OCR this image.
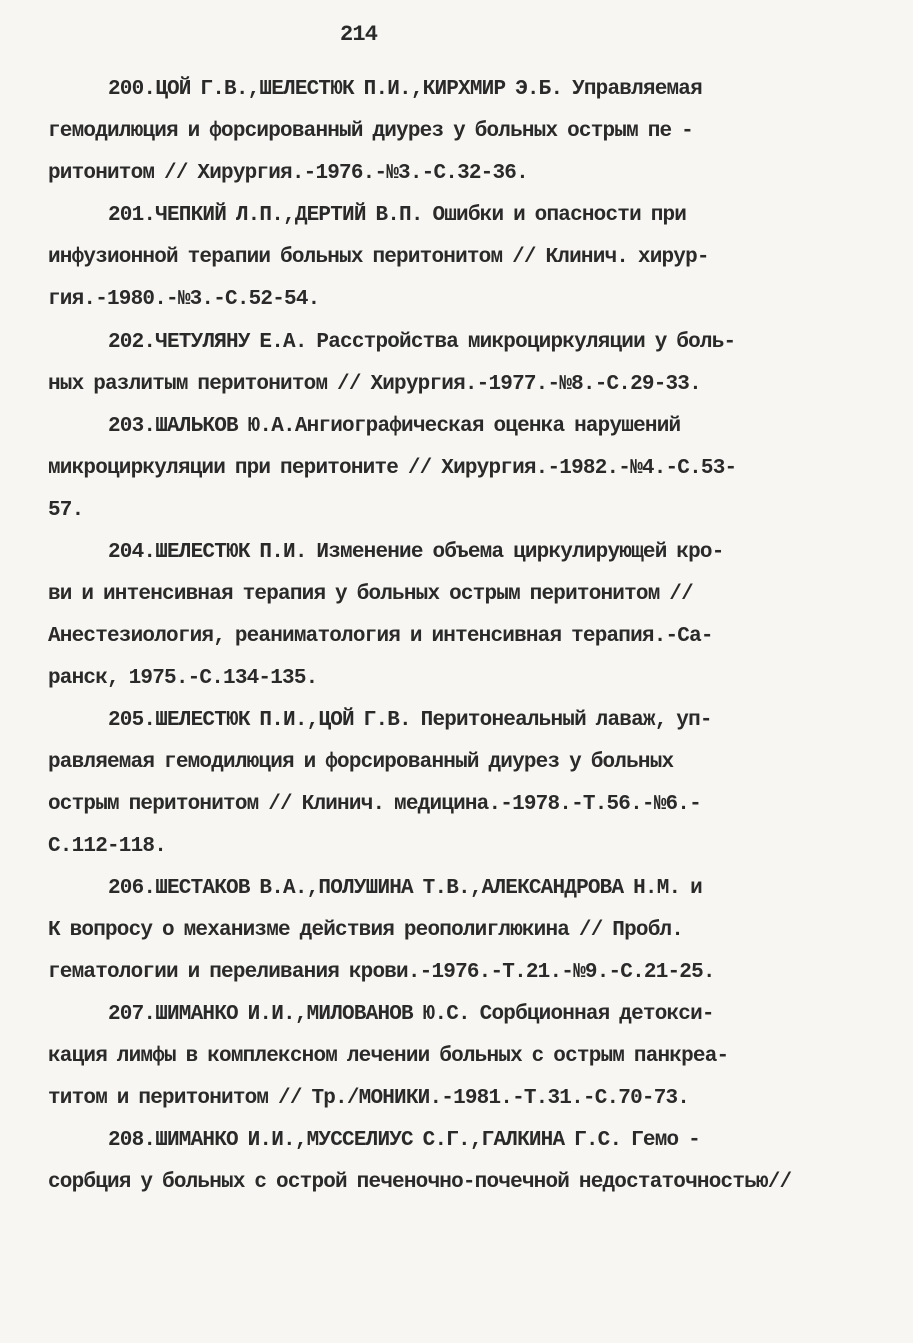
214

200.ЦОЙ Г.В.,ШЕЛЕСТЮК П.И.,КИРХМИР Э.Б. Управляемая

гемодилюция и форсированный диурез у больных острым пе -

ритонитом // Хирургия.-1976.-№3.-С.32-36.

201.ЧЕПКИЙ Л.П.,ДЕРТИЙ В.П. Ошибки и опасности при

инфузионной терапии больных перитонитом // Клинич. хирур-

гия.-1980.-№3.-С.52-54.

202.ЧЕТУЛЯНУ Е.А. Расстройства микроциркуляции у боль-

ных разлитым перитонитом // Хирургия.-1977.-№8.-С.29-33.

203.ШАЛЬКОВ Ю.А.Ангиографическая оценка нарушений

микроциркуляции при перитоните // Хирургия.-1982.-№4.-С.53-

57.

204.ШЕЛЕСТЮК П.И. Изменение объема циркулирующей кро-

ви и интенсивная терапия у больных острым перитонитом //

Анестезиология, реаниматология и интенсивная терапия.-Са-

ранск, 1975.-С.134-135.

205.ШЕЛЕСТЮК П.И.,ЦОЙ Г.В. Перитонеальный лаваж, уп-

равляемая гемодилюция и форсированный диурез у больных

острым перитонитом // Клинич. медицина.-1978.-Т.56.-№6.-

С.112-118.

206.ШЕСТАКОВ В.А.,ПОЛУШИНА Т.В.,АЛЕКСАНДРОВА Н.М. и

К вопросу о механизме действия реополиглюкина // Пробл.

гематологии и переливания крови.-1976.-Т.21.-№9.-С.21-25.

207.ШИМАНКО И.И.,МИЛОВАНОВ Ю.С. Сорбционная детокси-

кация лимфы в комплексном лечении больных с острым панкреа-

титом и перитонитом // Тр./МОНИКИ.-1981.-Т.31.-С.70-73.

208.ШИМАНКО И.И.,МУССЕЛИУС С.Г.,ГАЛКИНА Г.С. Гемо -

сорбция у больных с острой печеночно-почечной недостаточностью//
